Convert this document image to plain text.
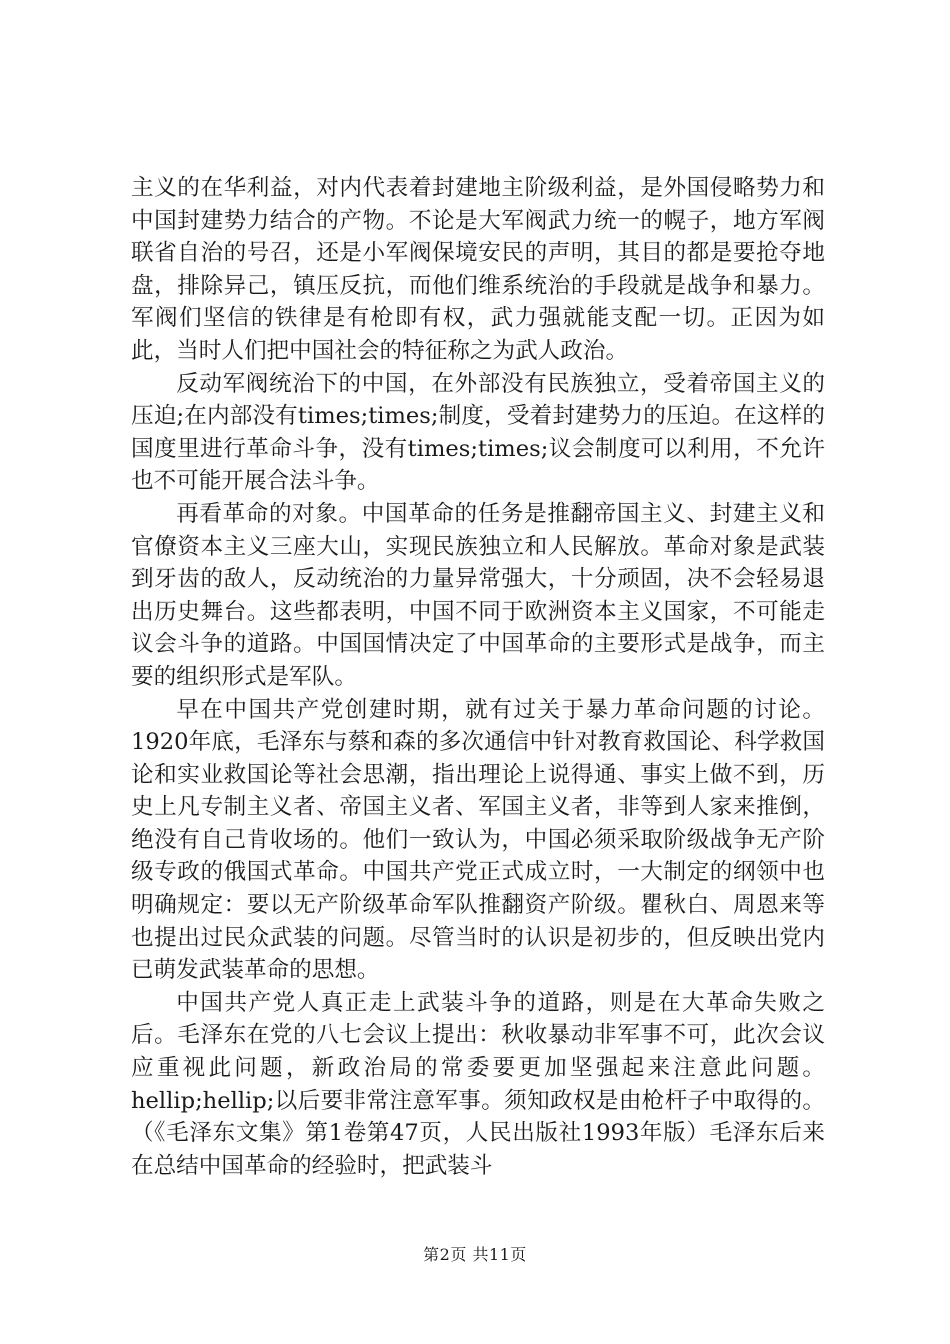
主义的在华利益，对内代表着封建地主阶级利益，是外国侵略势力和中国封建势力结合的产物。不论是大军阀武力统一的幌子，地方军阀联省自治的号召，还是小军阀保境安民的声明，其目的都是要抢夺地盘，排除异己，镇压反抗，而他们维系统治的手段就是战争和暴力。军阀们坚信的铁律是有枪即有权，武力强就能支配一切。正因为如此，当时人们把中国社会的特征称之为武人政治。

反动军阀统治下的中国，在外部没有民族独立，受着帝国主义的压迫;在内部没有times;times;制度，受着封建势力的压迫。在这样的国度里进行革命斗争，没有times;times;议会制度可以利用，不允许也不可能开展合法斗争。

再看革命的对象。中国革命的任务是推翻帝国主义、封建主义和官僚资本主义三座大山，实现民族独立和人民解放。革命对象是武装到牙齿的敌人，反动统治的力量异常强大，十分顽固，决不会轻易退出历史舞台。这些都表明，中国不同于欧洲资本主义国家，不可能走议会斗争的道路。中国国情决定了中国革命的主要形式是战争，而主要的组织形式是军队。

早在中国共产党创建时期，就有过关于暴力革命问题的讨论。1920年底，毛泽东与蔡和森的多次通信中针对教育救国论、科学救国论和实业救国论等社会思潮，指出理论上说得通、事实上做不到，历史上凡专制主义者、帝国主义者、军国主义者，非等到人家来推倒，绝没有自己肯收场的。他们一致认为，中国必须采取阶级战争无产阶级专政的俄国式革命。中国共产党正式成立时，一大制定的纲领中也明确规定：要以无产阶级革命军队推翻资产阶级。瞿秋白、周恩来等也提出过民众武装的问题。尽管当时的认识是初步的，但反映出党内已萌发武装革命的思想。

中国共产党人真正走上武装斗争的道路，则是在大革命失败之后。毛泽东在党的八七会议上提出：秋收暴动非军事不可，此次会议应重视此问题，新政治局的常委要更加坚强起来注意此问题。hellip;hellip;以后要非常注意军事。须知政权是由枪杆子中取得的。（《毛泽东文集》第1卷第47页，人民出版社1993年版）毛泽东后来在总结中国革命的经验时，把武装斗

第2页 共11页
